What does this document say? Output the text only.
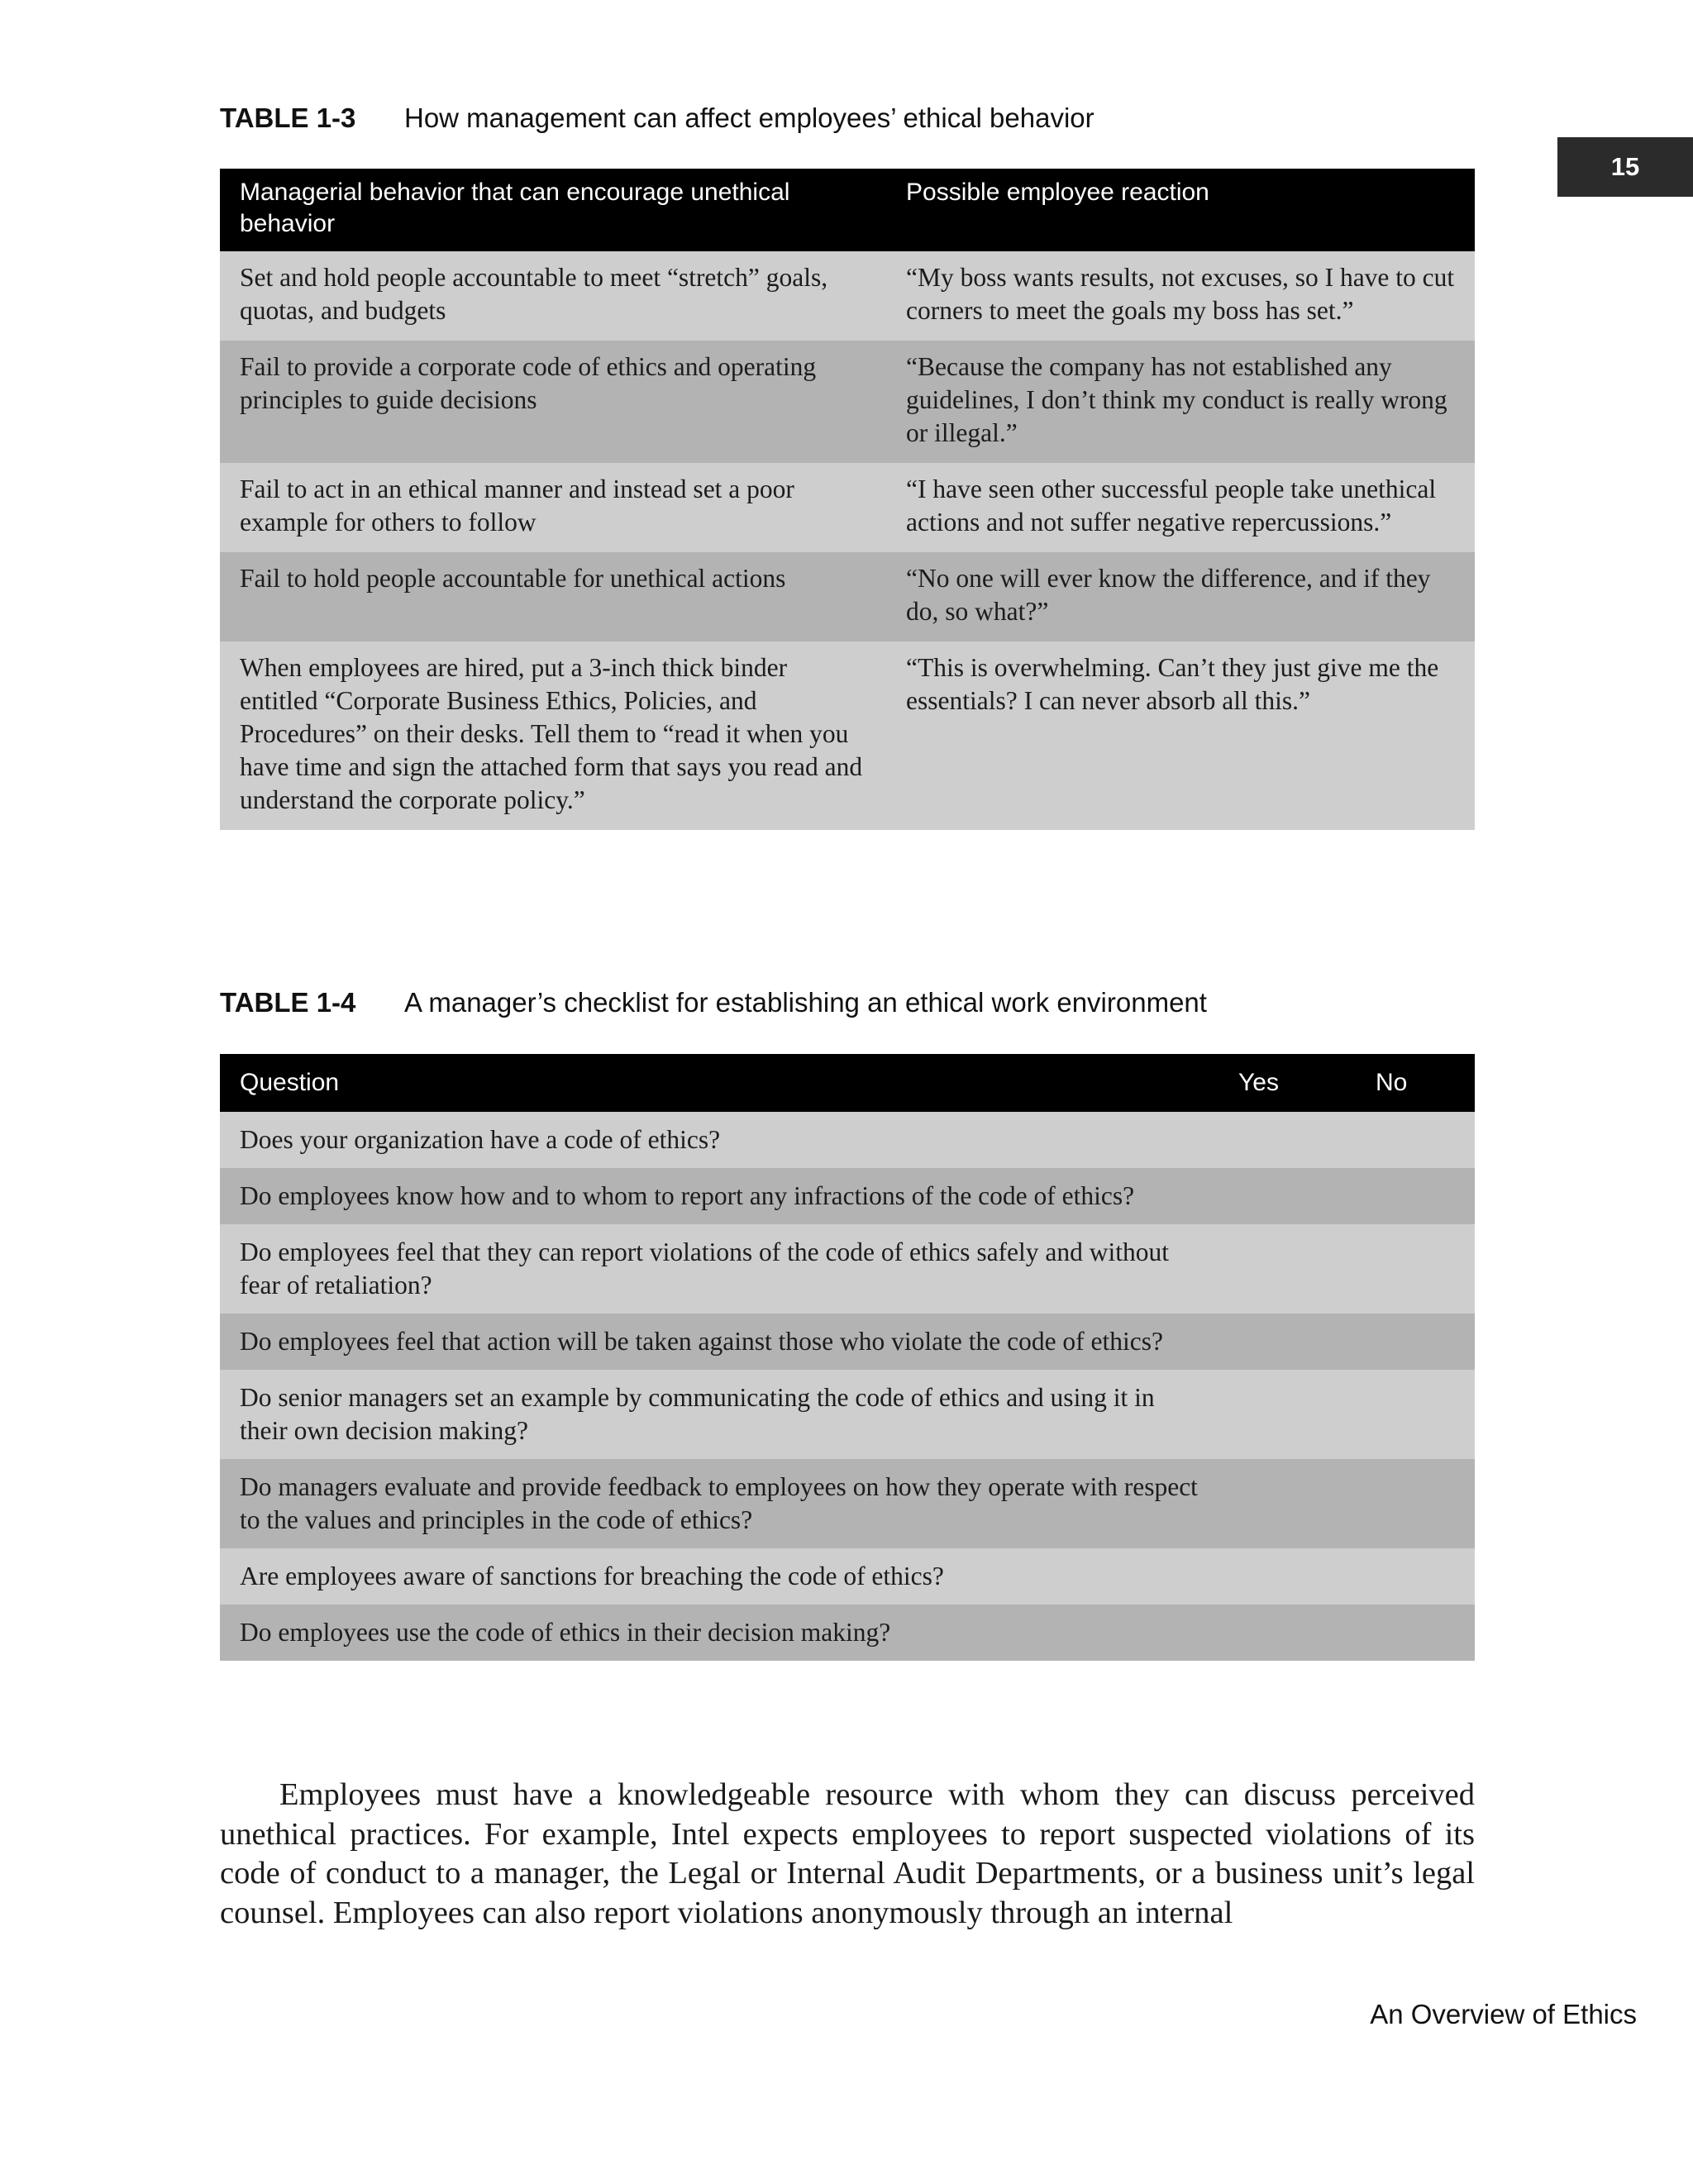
15
TABLE 1-3 How management can affect employees’ ethical behavior
Managerial behavior that can encourage unethical behavior	Possible employee reaction
Set and hold people accountable to meet “stretch” goals, quotas, and budgets	“My boss wants results, not excuses, so I have to cut corners to meet the goals my boss has set.”
Fail to provide a corporate code of ethics and operating principles to guide decisions	“Because the company has not established any guidelines, I don’t think my conduct is really wrong or illegal.”
Fail to act in an ethical manner and instead set a poor example for others to follow	“I have seen other successful people take unethical actions and not suffer negative repercussions.”
Fail to hold people accountable for unethical actions	“No one will ever know the difference, and if they do, so what?”
When employees are hired, put a 3-inch thick binder entitled “Corporate Business Ethics, Policies, and Procedures” on their desks. Tell them to “read it when you have time and sign the attached form that says you read and understand the corporate policy.”	“This is overwhelming. Can’t they just give me the essentials? I can never absorb all this.”
TABLE 1-4 A manager’s checklist for establishing an ethical work environment
Question	Yes	No
Does your organization have a code of ethics?		
Do employees know how and to whom to report any infractions of the code of ethics?		
Do employees feel that they can report violations of the code of ethics safely and without fear of retaliation?		
Do employees feel that action will be taken against those who violate the code of ethics?		
Do senior managers set an example by communicating the code of ethics and using it in their own decision making?		
Do managers evaluate and provide feedback to employees on how they operate with respect to the values and principles in the code of ethics?		
Are employees aware of sanctions for breaching the code of ethics?		
Do employees use the code of ethics in their decision making?		

Employees must have a knowledgeable resource with whom they can discuss perceived unethical practices. For example, Intel expects employees to report suspected violations of its code of conduct to a manager, the Legal or Internal Audit Departments, or a business unit’s legal counsel. Employees can also report violations anonymously through an internal

An Overview of Ethics
